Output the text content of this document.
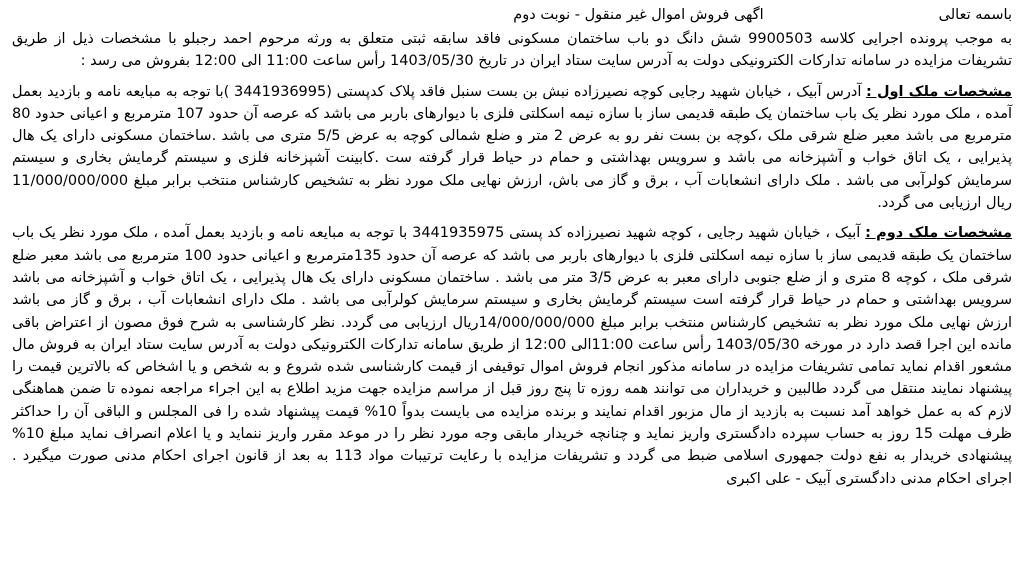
باسمه تعالی
اگهی فروش اموال غیر منقول - نوبت دوم

به موجب پرونده اجرایی کلاسه 9900503 شش دانگ دو باب ساختمان مسکونی فاقد سابقه ثبتی متعلق به ورثه مرحوم احمد رجبلو با مشخصات ذیل از طریق تشریفات مزایده در سامانه تدارکات الکترونیکی دولت به آدرس سایت ستاد ایران در تاریخ 1403/05/30 رأس ساعت 11:00 الی 12:00 بفروش می رسد :

مشخصات ملک اول : آدرس آبیک ، خیابان شهید رجایی کوچه نصیرزاده نبش بن بست سنبل فاقد پلاک کدپستی (3441936995 )با توجه به مبایعه نامه و بازدید بعمل آمده ، ملک مورد نظر یک باب ساختمان یک طبقه قدیمی ساز با سازه نیمه اسکلتی فلزی با دیوارهای باربر می باشد که عرصه آن حدود 107 مترمربع و اعیانی حدود 80 مترمربع می باشد معبر ضلع شرقی ملک ،کوچه بن بست نفر رو به عرض 2 متر و ضلع شمالی کوچه به عرض 5/5 متری می باشد .ساختمان مسکونی دارای یک هال پذیرایی ، یک اتاق خواب و آشپزخانه می باشد و سرویس بهداشتی و حمام در حیاط قرار گرفته ست .کابینت آشپزخانه فلزی و سیستم گرمایش بخاری و سیستم سرمایش کولرآبی می باشد . ملک دارای انشعابات آب ، برق و گاز می باش، ارزش نهایی ملک مورد نظر به تشخیص کارشناس منتخب برابر مبلغ 11/000/000/000 ریال ارزیابی می گردد.

مشخصات ملک دوم : آبیک ، خیابان شهید رجایی ، کوچه شهید نصیرزاده کد پستی 3441935975 با توجه به مبایعه نامه و بازدید بعمل آمده ، ملک مورد نظر یک باب ساختمان یک طبقه قدیمی ساز با سازه نیمه اسکلتی فلزی با دیوارهای باربر می باشد که عرصه آن حدود 135مترمربع و اعیانی حدود 100 مترمربع می باشد معبر ضلع شرقی ملک ، کوچه 8 متری و از ضلع جنوبی دارای معبر به عرض 3/5 متر می باشد . ساختمان مسکونی دارای یک هال پذیرایی ، یک اتاق خواب و آشپزخانه می باشد سرویس بهداشتی و حمام در حیاط قرار گرفته است سیستم گرمایش بخاری و سیستم سرمایش کولرآبی می باشد . ملک دارای انشعابات آب ، برق و گاز می باشد ارزش نهایی ملک مورد نظر به تشخیص کارشناس منتخب برابر مبلغ 14/000/000/000ریال ارزیابی می گردد. نظر کارشناسی به شرح فوق مصون از اعتراض باقی مانده این اجرا قصد دارد در مورخه 1403/05/30 رأس ساعت 11:00الی 12:00 از طریق سامانه تدارکات الکترونیکی دولت به آدرس سایت ستاد ایران به فروش مال مشعور اقدام نماید تمامی تشریفات مزایده در سامانه مذکور انجام فروش اموال توقیفی از قیمت کارشناسی شده شروع و به شخص و یا اشخاص که بالاترین قیمت را پیشنهاد نمایند منتقل می گردد طالبین و خریداران می توانند همه روزه تا پنج روز قبل از مراسم مزایده جهت مزید اطلاع به این اجراء مراجعه نموده تا ضمن هماهنگی لازم که به عمل خواهد آمد نسبت به بازدید از مال مزبور اقدام نمایند و برنده مزایده می بایست بدواً 10% قیمت پیشنهاد شده را فی المجلس و الباقی آن را حداکثر ظرف مهلت 15 روز به حساب سپرده دادگستری واریز نماید و چنانچه خریدار مابقی وجه مورد نظر را در موعد مقرر واریز ننماید و یا اعلام انصراف نماید مبلغ 10% پیشنهادی خریدار به نفع دولت جمهوری اسلامی ضبط می گردد و تشریفات مزایده با رعایت ترتیبات مواد 113 به بعد از قانون اجرای احکام مدنی صورت میگیرد . اجرای احکام مدنی دادگستری آبیک - علی اکبری
